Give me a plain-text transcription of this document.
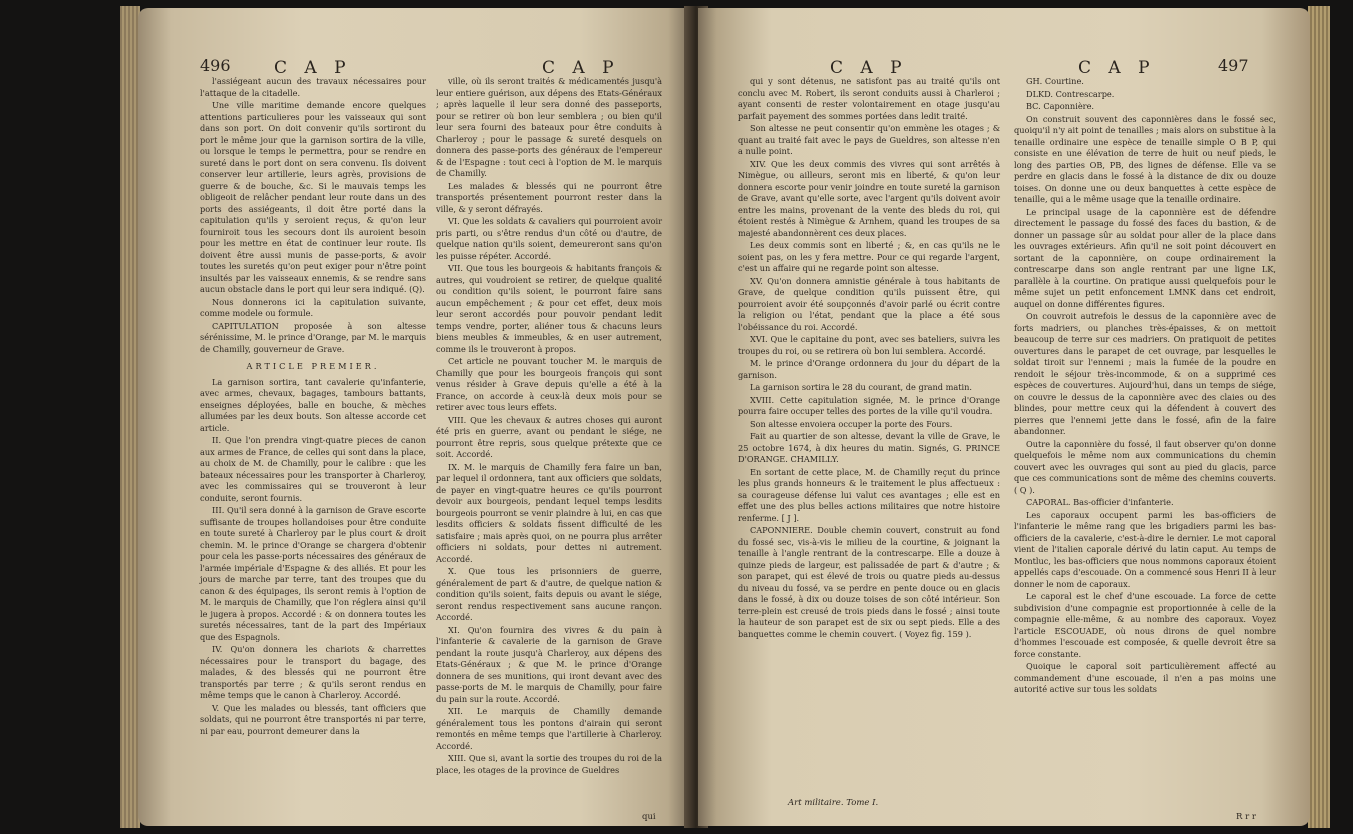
496	C A P	C A P

l'assiégeant aucun des travaux nécessaires pour l'attaque de la citadelle.

Une ville maritime demande encore quelques attentions particulieres pour les vaisseaux qui sont dans son port. On doit convenir qu'ils sortiront du port le même jour que la garnison sortira de la ville, ou lorsque le temps le permettra, pour se rendre en sureté dans le port dont on sera convenu. Ils doivent conserver leur artillerie, leurs agrès, provisions de guerre & de bouche, &c. Si le mauvais temps les obligeoit de relâcher pendant leur route dans un des ports des assiégeants, il doit être porté dans la capitulation qu'ils y seroient reçus, & qu'on leur fourniroit tous les secours dont ils auroient besoin pour les mettre en état de continuer leur route. Ils doivent être aussi munis de passe-ports, & avoir toutes les suretés qu'on peut exiger pour n'être point insultés par les vaisseaux ennemis, & se rendre sans aucun obstacle dans le port qui leur sera indiqué. (Q).

Nous donnerons ici la capitulation suivante, comme modele ou formule.

CAPITULATION proposée à son altesse sérénissime, M. le prince d'Orange, par M. le marquis de Chamilly, gouverneur de Grave.

ARTICLE PREMIER.

La garnison sortira, tant cavalerie qu'infanterie, avec armes, chevaux, bagages, tambours battants, enseignes déployées, balle en bouche, & mèches allumées par les deux bouts. Son altesse accorde cet article.

II. Que l'on prendra vingt-quatre pieces de canon aux armes de France, de celles qui sont dans la place, au choix de M. de Chamilly, pour le calibre : que les bateaux nécessaires pour les transporter à Charleroy, avec les commissaires qui se trouveront à leur conduite, seront fournis.

III. Qu'il sera donné à la garnison de Grave escorte suffisante de troupes hollandoises pour être conduite en toute sureté à Charleroy par le plus court & droit chemin. M. le prince d'Orange se chargera d'obtenir pour cela les passe-ports nécessaires des généraux de l'armée impériale d'Espagne & des alliés. Et pour les jours de marche par terre, tant des troupes que du canon & des équipages, ils seront remis à l'option de M. le marquis de Chamilly, que l'on réglera ainsi qu'il le jugera à propos. Accordé : & on donnera toutes les suretés nécessaires, tant de la part des Impériaux que des Espagnols.

IV. Qu'on donnera les chariots & charrettes nécessaires pour le transport du bagage, des malades, & des blessés qui ne pourront être transportés par terre ; & qu'ils seront rendus en même temps que le canon à Charleroy. Accordé.

V. Que les malades ou blessés, tant officiers que soldats, qui ne pourront être transportés ni par terre, ni par eau, pourront demeurer dans la

ville, où ils seront traités & médicamentés jusqu'à leur entiere guérison, aux dépens des Etats-Généraux ; après laquelle il leur sera donné des passeports, pour se retirer où bon leur semblera ; ou bien qu'il leur sera fourni des bateaux pour être conduits à Charleroy ; pour le passage & sureté desquels on donnera des passe-ports des généraux de l'empereur & de l'Espagne : tout ceci à l'option de M. le marquis de Chamilly.

Les malades & blessés qui ne pourront être transportés présentement pourront rester dans la ville, & y seront défrayés.

VI. Que les soldats & cavaliers qui pourroient avoir pris parti, ou s'être rendus d'un côté ou d'autre, de quelque nation qu'ils soient, demeureront sans qu'on les puisse répéter. Accordé.

VII. Que tous les bourgeois & habitants françois & autres, qui voudroient se retirer, de quelque qualité ou condition qu'ils soient, le pourront faire sans aucun empêchement ; & pour cet effet, deux mois leur seront accordés pour pouvoir pendant ledit temps vendre, porter, aliéner tous & chacuns leurs biens meubles & immeubles, & en user autrement, comme ils le trouveront à propos.

Cet article ne pouvant toucher M. le marquis de Chamilly que pour les bourgeois françois qui sont venus résider à Grave depuis qu'elle a été à la France, on accorde à ceux-là deux mois pour se retirer avec tous leurs effets.

VIII. Que les chevaux & autres choses qui auront été pris en guerre, avant ou pendant le siége, ne pourront être repris, sous quelque prétexte que ce soit. Accordé.

IX. M. le marquis de Chamilly fera faire un ban, par lequel il ordonnera, tant aux officiers que soldats, de payer en vingt-quatre heures ce qu'ils pourront devoir aux bourgeois, pendant lequel temps lesdits bourgeois pourront se venir plaindre à lui, en cas que lesdits officiers & soldats fissent difficulté de les satisfaire ; mais après quoi, on ne pourra plus arrêter officiers ni soldats, pour dettes ni autrement. Accordé.

X. Que tous les prisonniers de guerre, généralement de part & d'autre, de quelque nation & condition qu'ils soient, faits depuis ou avant le siége, seront rendus respectivement sans aucune rançon. Accordé.

XI. Qu'on fournira des vivres & du pain à l'infanterie & cavalerie de la garnison de Grave pendant la route jusqu'à Charleroy, aux dépens des Etats-Généraux ; & que M. le prince d'Orange donnera de ses munitions, qui iront devant avec des passe-ports de M. le marquis de Chamilly, pour faire du pain sur la route. Accordé.

XII. Le marquis de Chamilly demande généralement tous les pontons d'airain qui seront remontés en même temps que l'artillerie à Charleroy. Accordé.

XIII. Que si, avant la sortie des troupes du roi de la place, les otages de la province de Gueldres

qui
C A P	C A P	497

qui y sont détenus, ne satisfont pas au traité qu'ils ont conclu avec M. Robert, ils seront conduits aussi à Charleroi ; ayant consenti de rester volontairement en otage jusqu'au parfait payement des sommes portées dans ledit traité.

Son altesse ne peut consentir qu'on emmène les otages ; & quant au traité fait avec le pays de Gueldres, son altesse n'en a nulle point.

XIV. Que les deux commis des vivres qui sont arrêtés à Nimègue, ou ailleurs, seront mis en liberté, & qu'on leur donnera escorte pour venir joindre en toute sureté la garnison de Grave, avant qu'elle sorte, avec l'argent qu'ils doivent avoir entre les mains, provenant de la vente des bleds du roi, qui étoient restés à Nimègue & Arnhem, quand les troupes de sa majesté abandonnèrent ces deux places.

Les deux commis sont en liberté ; &, en cas qu'ils ne le soient pas, on les y fera mettre. Pour ce qui regarde l'argent, c'est un affaire qui ne regarde point son altesse.

XV. Qu'on donnera amnistie générale à tous habitants de Grave, de quelque condition qu'ils puissent être, qui pourroient avoir été soupçonnés d'avoir parlé ou écrit contre la religion ou l'état, pendant que la place a été sous l'obéissance du roi. Accordé.

XVI. Que le capitaine du pont, avec ses bateliers, suivra les troupes du roi, ou se retirera où bon lui semblera. Accordé.

M. le prince d'Orange ordonnera du jour du départ de la garnison.

La garnison sortira le 28 du courant, de grand matin.

XVIII. Cette capitulation signée, M. le prince d'Orange pourra faire occuper telles des portes de la ville qu'il voudra.

Son altesse envoiera occuper la porte des Fours.

Fait au quartier de son altesse, devant la ville de Grave, le 25 octobre 1674, à dix heures du matin. Signés, G. PRINCE D'ORANGE. CHAMILLY.

En sortant de cette place, M. de Chamilly reçut du prince les plus grands honneurs & le traitement le plus affectueux : sa courageuse défense lui valut ces avantages ; elle est en effet une des plus belles actions militaires que notre histoire renferme. [ J ].

CAPONNIERE. Double chemin couvert, construit au fond du fossé sec, vis-à-vis le milieu de la courtine, & joignant la tenaille à l'angle rentrant de la contrescarpe. Elle a douze à quinze pieds de largeur, est palissadée de part & d'autre ; & son parapet, qui est élevé de trois ou quatre pieds au-dessus du niveau du fossé, va se perdre en pente douce ou en glacis dans le fossé, à dix ou douze toises de son côté intérieur. Son terre-plein est creusé de trois pieds dans le fossé ; ainsi toute la hauteur de son parapet est de six ou sept pieds. Elle a des banquettes comme le chemin couvert. ( Voyez fig. 159 ).

GH. Courtine.

DLKD. Contrescarpe.

BC. Caponnière.

On construit souvent des caponnières dans le fossé sec, quoiqu'il n'y ait point de tenailles ; mais alors on substitue à la tenaille ordinaire une espèce de tenaille simple O B P, qui consiste en une élévation de terre de huit ou neuf pieds, le long des parties OB, PB, des lignes de défense. Elle va se perdre en glacis dans le fossé à la distance de dix ou douze toises. On donne une ou deux banquettes à cette espèce de tenaille, qui a le même usage que la tenaille ordinaire.

Le principal usage de la caponnière est de défendre directement le passage du fossé des faces du bastion, & de donner un passage sûr au soldat pour aller de la place dans les ouvrages extérieurs. Afin qu'il ne soit point découvert en sortant de la caponnière, on coupe ordinairement la contrescarpe dans son angle rentrant par une ligne LK, parallèle à la courtine. On pratique aussi quelquefois pour le même sujet un petit enfoncement LMNK dans cet endroit, auquel on donne différentes figures.

On couvroit autrefois le dessus de la caponnière avec de forts madriers, ou planches très-épaisses, & on mettoit beaucoup de terre sur ces madriers. On pratiquoit de petites ouvertures dans le parapet de cet ouvrage, par lesquelles le soldat tiroit sur l'ennemi ; mais la fumée de la poudre en rendoit le séjour très-incommode, & on a supprimé ces espèces de couvertures. Aujourd'hui, dans un temps de siége, on couvre le dessus de la caponnière avec des claies ou des blindes, pour mettre ceux qui la défendent à couvert des pierres que l'ennemi jette dans le fossé, afin de la faire abandonner.

Outre la caponnière du fossé, il faut observer qu'on donne quelquefois le même nom aux communications du chemin couvert avec les ouvrages qui sont au pied du glacis, parce que ces communications sont de même des chemins couverts. ( Q ).

CAPORAL. Bas-officier d'infanterie.

Les caporaux occupent parmi les bas-officiers de l'infanterie le même rang que les brigadiers parmi les bas-officiers de la cavalerie, c'est-à-dire le dernier. Le mot caporal vient de l'italien caporale dérivé du latin caput. Au temps de Montluc, les bas-officiers que nous nommons caporaux étoient appellés caps d'escouade. On a commencé sous Henri II à leur donner le nom de caporaux.

Le caporal est le chef d'une escouade. La force de cette subdivision d'une compagnie est proportionnée à celle de la compagnie elle-même, & au nombre des caporaux. Voyez l'article ESCOUADE, où nous dirons de quel nombre d'hommes l'escouade est composée, & quelle devroit être sa force constante.

Quoique le caporal soit particulièrement affecté au commandement d'une escouade, il n'en a pas moins une autorité active sur tous les soldats

Art militaire. Tome I.
R r r
